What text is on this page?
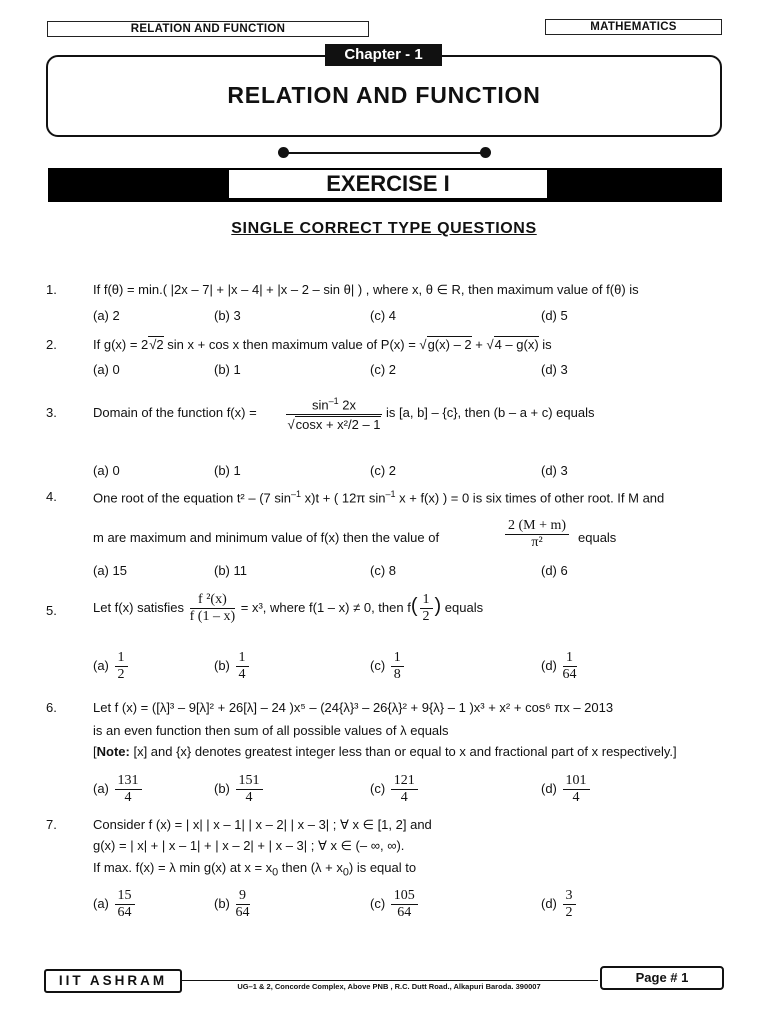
RELATION AND FUNCTION	MATHEMATICS
Chapter - 1
RELATION AND FUNCTION
EXERCISE I
SINGLE CORRECT TYPE QUESTIONS
1.	If f(θ) = min.( |2x – 7| + |x – 4| + |x – 2 – sin θ| ) , where x, θ ∈ R, then maximum value of f(θ) is
(a) 2	(b) 3	(c) 4	(d) 5
2.	If g(x) = 2√2 sin x + cos x then maximum value of P(x) = √g(x) – 2 + √4 – g(x) is
(a) 0	(b) 1	(c) 2	(d) 3
3.	Domain of the function f(x) =
$\sin^{-1} 2x$
√cosx + x²/2 – 1
is [a, b] – {c}, then (b – a + c) equals
(a) 0	(b) 1	(c) 2	(d) 3
4.	One root of the equation t² – (7 $\sin^{-1} x)t$ + ( 12π $\sin^{-1} x + f(x)$ ) = 0 is six times of other root. If M and
m are maximum and minimum value of f(x) then the value of	$\frac{2 (M + m)}{\text{π²}}$ equals
(a) 15	(b) 11	(c) 8	(d) 6
5.	Let f(x) satisfies $\frac{\text{f ²(x)}}{f (1 - x)} = x^3$, where f(1 – x) ≠ 0, then $f( \frac{1}{2}$ ) equals
$(a) \frac{1}{2}$	$(b) \frac{1}{4}$	$(c) \frac{1}{8}$	$(d) \frac{1}{64}$
6.	Let f (x) = ([λ]³ – 9[λ]² + 26[λ] – 24 )x⁵ – (24{λ}³ – 26{λ}² + 9{λ} – 1 )x³ + x² + cos⁶ πx – 2013
is an even function then sum of all possible values of λ equals
[Note: [x] and {x} denotes greatest integer less than or equal to x and fractional part of x respectively.]
$(a) \frac{131}{4}$	$(b) \frac{151}{4}$	$(c) \frac{121}{4}$	$(d) \frac{101}{4}$
7.	Consider f (x) = | x| | x – 1| | x – 2| | x – 3| ; ∀ x ∈ [1, 2] and
g(x) = | x| + | x – 1| + | x – 2| + | x – 3| ; ∀ x ∈ (– ∞, ∞).
If max. f(x) = λ min g(x) at $x = x_0$ then $(\lambda + x_0)$ is equal to
$(a) \frac{15}{64}$	$(b) \frac{9}{64}$	$(c) \frac{105}{64}$	$(d) \frac{3}{2}$
IIT ASHRAM	UG–1 & 2, Concorde Complex, Above PNB , R.C. Dutt Road., Alkapuri Baroda. 390007
Page # 1
